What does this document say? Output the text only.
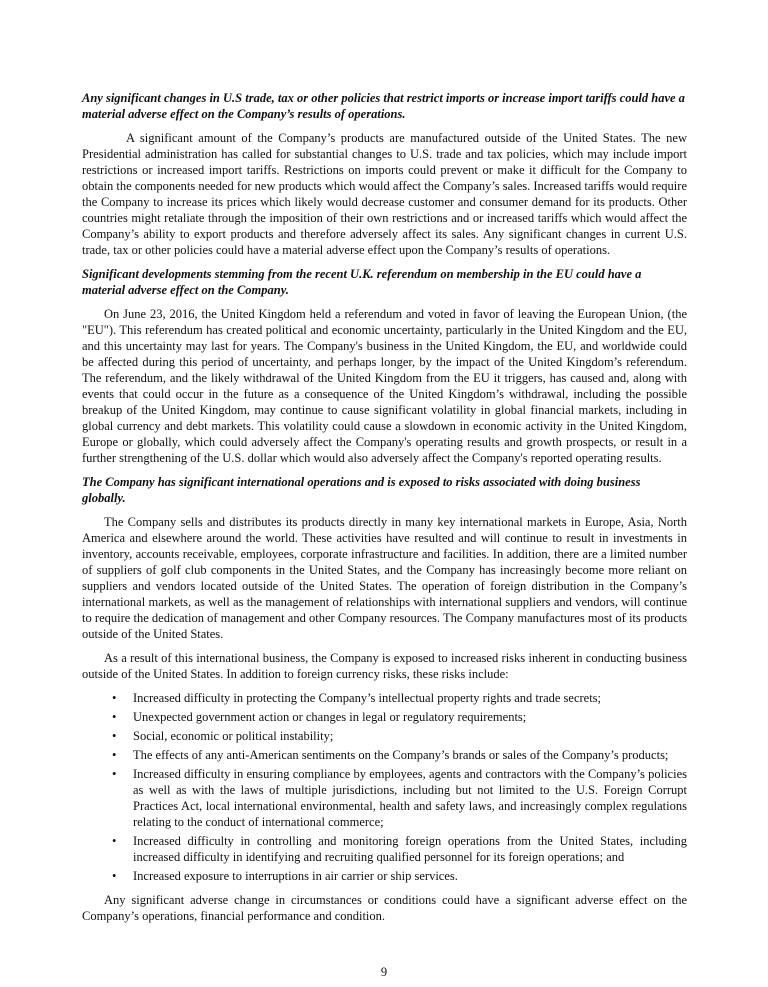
Any significant changes in U.S trade, tax or other policies that restrict imports or increase import tariffs could have a material adverse effect on the Company’s results of operations.
A significant amount of the Company’s products are manufactured outside of the United States. The new Presidential administration has called for substantial changes to U.S. trade and tax policies, which may include import restrictions or increased import tariffs. Restrictions on imports could prevent or make it difficult for the Company to obtain the components needed for new products which would affect the Company’s sales. Increased tariffs would require the Company to increase its prices which likely would decrease customer and consumer demand for its products. Other countries might retaliate through the imposition of their own restrictions and or increased tariffs which would affect the Company’s ability to export products and therefore adversely affect its sales. Any significant changes in current U.S. trade, tax or other policies could have a material adverse effect upon the Company’s results of operations.
Significant developments stemming from the recent U.K. referendum on membership in the EU could have a material adverse effect on the Company.
On June 23, 2016, the United Kingdom held a referendum and voted in favor of leaving the European Union, (the "EU"). This referendum has created political and economic uncertainty, particularly in the United Kingdom and the EU, and this uncertainty may last for years. The Company's business in the United Kingdom, the EU, and worldwide could be affected during this period of uncertainty, and perhaps longer, by the impact of the United Kingdom’s referendum. The referendum, and the likely withdrawal of the United Kingdom from the EU it triggers, has caused and, along with events that could occur in the future as a consequence of the United Kingdom’s withdrawal, including the possible breakup of the United Kingdom, may continue to cause significant volatility in global financial markets, including in global currency and debt markets. This volatility could cause a slowdown in economic activity in the United Kingdom, Europe or globally, which could adversely affect the Company's operating results and growth prospects, or result in a further strengthening of the U.S. dollar which would also adversely affect the Company's reported operating results.
The Company has significant international operations and is exposed to risks associated with doing business globally.
The Company sells and distributes its products directly in many key international markets in Europe, Asia, North America and elsewhere around the world. These activities have resulted and will continue to result in investments in inventory, accounts receivable, employees, corporate infrastructure and facilities. In addition, there are a limited number of suppliers of golf club components in the United States, and the Company has increasingly become more reliant on suppliers and vendors located outside of the United States. The operation of foreign distribution in the Company’s international markets, as well as the management of relationships with international suppliers and vendors, will continue to require the dedication of management and other Company resources. The Company manufactures most of its products outside of the United States.
As a result of this international business, the Company is exposed to increased risks inherent in conducting business outside of the United States. In addition to foreign currency risks, these risks include:
• Increased difficulty in protecting the Company’s intellectual property rights and trade secrets;
• Unexpected government action or changes in legal or regulatory requirements;
• Social, economic or political instability;
• The effects of any anti-American sentiments on the Company’s brands or sales of the Company’s products;
• Increased difficulty in ensuring compliance by employees, agents and contractors with the Company’s policies as well as with the laws of multiple jurisdictions, including but not limited to the U.S. Foreign Corrupt Practices Act, local international environmental, health and safety laws, and increasingly complex regulations relating to the conduct of international commerce;
• Increased difficulty in controlling and monitoring foreign operations from the United States, including increased difficulty in identifying and recruiting qualified personnel for its foreign operations; and
• Increased exposure to interruptions in air carrier or ship services.
Any significant adverse change in circumstances or conditions could have a significant adverse effect on the Company’s operations, financial performance and condition.
9
